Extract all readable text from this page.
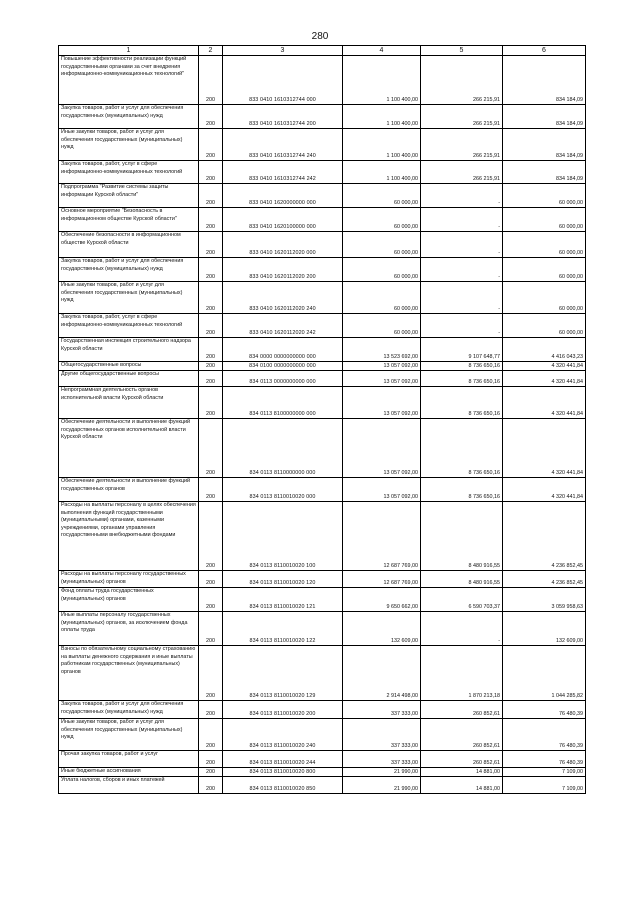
280
1	2	3	4	5	6
Повышение эффективности реализации функций государственными органами за счет внедрения информационно-коммуникационных технологий"	200	833 0410 1610312744 000	1 100 400,00	266 215,91	834 184,09
Закупка товаров, работ и услуг для обеспечения государственных (муниципальных) нужд	200	833 0410 1610312744 200	1 100 400,00	266 215,91	834 184,09
Иные закупки товаров, работ и услуг для обеспечения государственных (муниципальных) нужд	200	833 0410 1610312744 240	1 100 400,00	266 215,91	834 184,09
Закупка товаров, работ, услуг в сфере информационно-коммуникационных технологий	200	833 0410 1610312744 242	1 100 400,00	266 215,91	834 184,09
Подпрограмма "Развитие системы защиты информации Курской области"	200	833 0410 1620000000 000	60 000,00	-	60 000,00
Основное мероприятие "Безопасность в информационном обществе Курской области"	200	833 0410 1620100000 000	60 000,00	-	60 000,00
Обеспечение безопасности в информационном обществе Курской области	200	833 0410 1620112020 000	60 000,00	-	60 000,00
Закупка товаров, работ и услуг для обеспечения государственных (муниципальных) нужд	200	833 0410 1620112020 200	60 000,00	-	60 000,00
Иные закупки товаров, работ и услуг для обеспечения государственных (муниципальных) нужд	200	833 0410 1620112020 240	60 000,00	-	60 000,00
Закупка товаров, работ, услуг в сфере информационно-коммуникационных технологий	200	833 0410 1620112020 242	60 000,00	-	60 000,00
Государственная инспекция строительного надзора Курской области	200	834 0000 0000000000 000	13 523 692,00	9 107 648,77	4 416 043,23
Общегосударственные вопросы	200	834 0100 0000000000 000	13 057 092,00	8 736 650,16	4 320 441,84
Другие общегосударственные вопросы	200	834 0113 0000000000 000	13 057 092,00	8 736 650,16	4 320 441,84
Непрограммная деятельность органов исполнительной власти Курской области	200	834 0113 8100000000 000	13 057 092,00	8 736 650,16	4 320 441,84
Обеспечение деятельности и выполнение функций государственных органов исполнительной власти Курской области	200	834 0113 8110000000 000	13 057 092,00	8 736 650,16	4 320 441,84
Обеспечение деятельности и выполнение функций государственных органов	200	834 0113 8110010020 000	13 057 092,00	8 736 650,16	4 320 441,84
Расходы на выплаты персоналу в целях обеспечения выполнения функций государственными (муниципальными) органами, казенными учреждениями, органами управления государственными внебюджетными фондами	200	834 0113 8110010020 100	12 687 769,00	8 480 916,55	4 236 852,45
Расходы на выплаты персоналу государственных (муниципальных) органов	200	834 0113 8110010020 120	12 687 769,00	8 480 916,55	4 236 852,45
Фонд оплаты труда государственных (муниципальных) органов	200	834 0113 8110010020 121	9 650 662,00	6 590 703,37	3 059 958,63
Иные выплаты персоналу государственных (муниципальных) органов, за исключением фонда оплаты труда	200	834 0113 8110010020 122	132 609,00	-	132 609,00
Взносы по обязательному социальному страхованию на выплаты денежного содержания и иные выплаты работникам государственных (муниципальных) органов	200	834 0113 8110010020 129	2 914 498,00	1 870 213,18	1 044 285,82
Закупка товаров, работ и услуг для обеспечения государственных (муниципальных) нужд	200	834 0113 8110010020 200	337 333,00	260 852,61	76 480,39
Иные закупки товаров, работ и услуг для обеспечения государственных (муниципальных) нужд	200	834 0113 8110010020 240	337 333,00	260 852,61	76 480,39
Прочая закупка товаров, работ и услуг	200	834 0113 8110010020 244	337 333,00	260 852,61	76 480,39
Иные бюджетные ассигнования	200	834 0113 8110010020 800	21 990,00	14 881,00	7 109,00
Уплата налогов, сборов и иных платежей	200	834 0113 8110010020 850	21 990,00	14 881,00	7 109,00
